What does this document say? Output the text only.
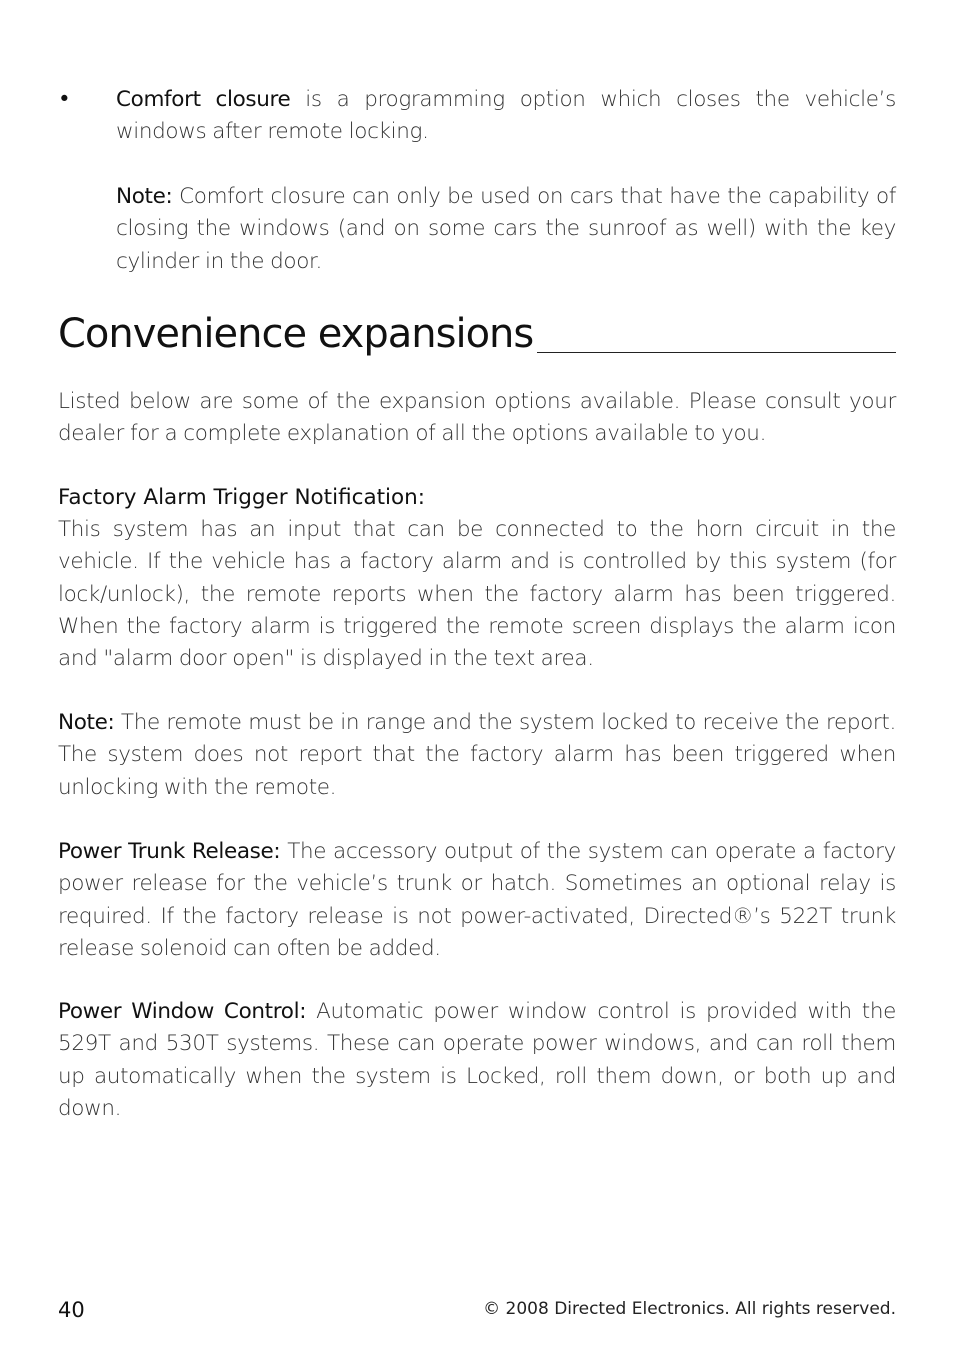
• Comfort closure is a programming option which closes the vehicle’s windows after remote locking.

Note: Comfort closure can only be used on cars that have the capability of closing the windows (and on some cars the sunroof as well) with the key cylinder in the door.

Convenience expansions

Listed below are some of the expansion options available. Please consult your dealer for a complete explanation of all the options available to you.

Factory Alarm Trigger Notification:

This system has an input that can be connected to the horn circuit in the vehicle. If the vehicle has a factory alarm and is controlled by this system (for lock/unlock), the remote reports when the factory alarm has been triggered. When the factory alarm is triggered the remote screen displays the alarm icon and "alarm door open" is displayed in the text area.

Note: The remote must be in range and the system locked to receive the report. The system does not report that the factory alarm has been triggered when unlocking with the remote.

Power Trunk Release: The accessory output of the system can operate a factory power release for the vehicle’s trunk or hatch. Sometimes an optional relay is required. If the factory release is not power-activated, Directed®’s 522T trunk release solenoid can often be added.

Power Window Control: Automatic power window control is provided with the 529T and 530T systems. These can operate power windows, and can roll them up automatically when the system is Locked, roll them down, or both up and down.

40	© 2008 Directed Electronics. All rights reserved.
